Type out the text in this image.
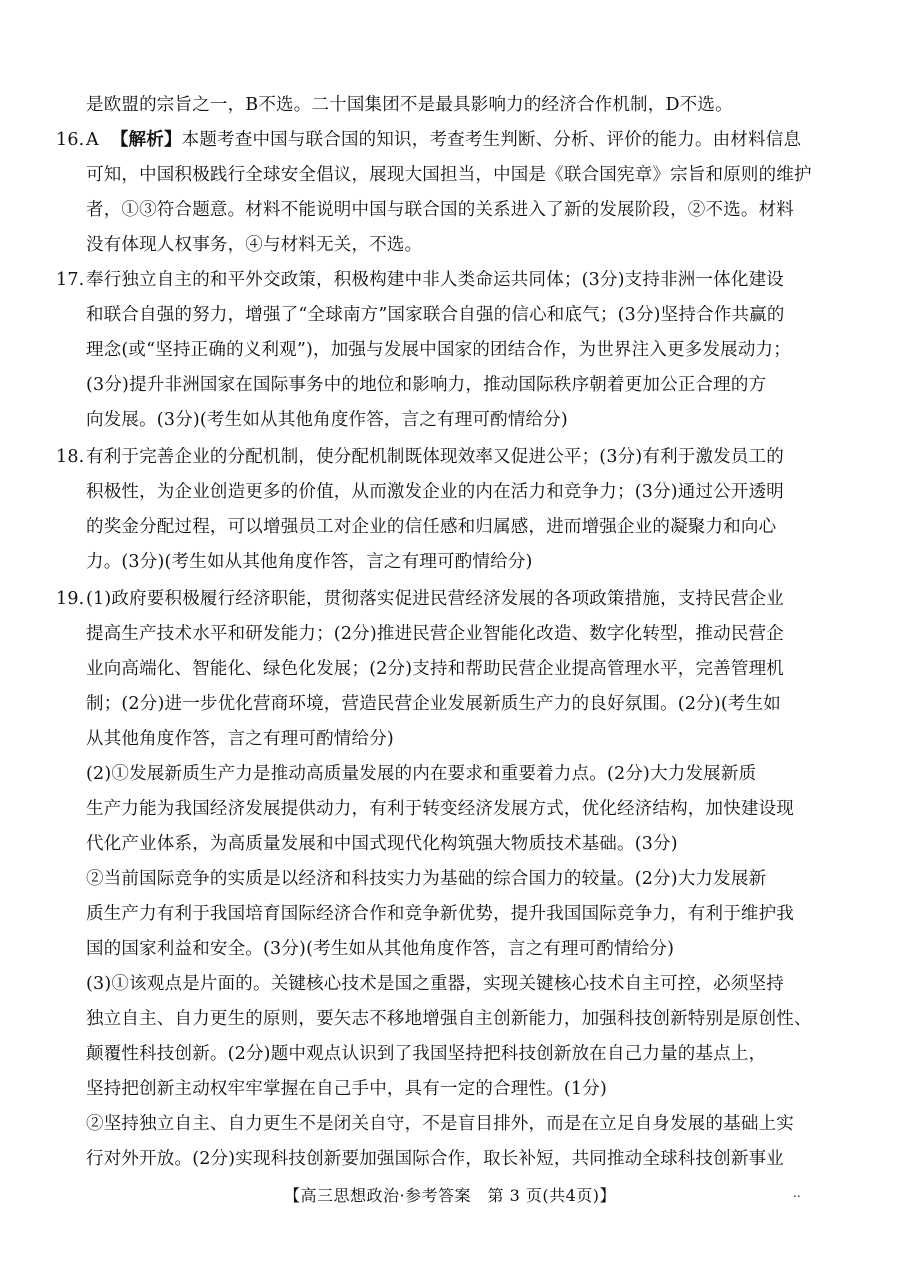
是欧盟的宗旨之一，B不选。二十国集团不是最具影响力的经济合作机制，D不选。
16.A 【解析】本题考查中国与联合国的知识，考查考生判断、分析、评价的能力。由材料信息
可知，中国积极践行全球安全倡议，展现大国担当，中国是《联合国宪章》宗旨和原则的维护
者，①③符合题意。材料不能说明中国与联合国的关系进入了新的发展阶段，②不选。材料
没有体现人权事务，④与材料无关，不选。
17.奉行独立自主的和平外交政策，积极构建中非人类命运共同体；(3分)支持非洲一体化建设
和联合自强的努力，增强了“全球南方”国家联合自强的信心和底气；(3分)坚持合作共赢的
理念(或“坚持正确的义利观”)，加强与发展中国家的团结合作，为世界注入更多发展动力；
(3分)提升非洲国家在国际事务中的地位和影响力，推动国际秩序朝着更加公正合理的方
向发展。(3分)(考生如从其他角度作答，言之有理可酌情给分)
18.有利于完善企业的分配机制，使分配机制既体现效率又促进公平；(3分)有利于激发员工的
积极性，为企业创造更多的价值，从而激发企业的内在活力和竞争力；(3分)通过公开透明
的奖金分配过程，可以增强员工对企业的信任感和归属感，进而增强企业的凝聚力和向心
力。(3分)(考生如从其他角度作答，言之有理可酌情给分)
19.(1)政府要积极履行经济职能，贯彻落实促进民营经济发展的各项政策措施，支持民营企业
提高生产技术水平和研发能力；(2分)推进民营企业智能化改造、数字化转型，推动民营企
业向高端化、智能化、绿色化发展；(2分)支持和帮助民营企业提高管理水平，完善管理机
制；(2分)进一步优化营商环境，营造民营企业发展新质生产力的良好氛围。(2分)(考生如
从其他角度作答，言之有理可酌情给分)
(2)①发展新质生产力是推动高质量发展的内在要求和重要着力点。(2分)大力发展新质
生产力能为我国经济发展提供动力，有利于转变经济发展方式，优化经济结构，加快建设现
代化产业体系，为高质量发展和中国式现代化构筑强大物质技术基础。(3分)
②当前国际竞争的实质是以经济和科技实力为基础的综合国力的较量。(2分)大力发展新
质生产力有利于我国培育国际经济合作和竞争新优势，提升我国国际竞争力，有利于维护我
国的国家利益和安全。(3分)(考生如从其他角度作答，言之有理可酌情给分)
(3)①该观点是片面的。关键核心技术是国之重器，实现关键核心技术自主可控，必须坚持
独立自主、自力更生的原则，要矢志不移地增强自主创新能力，加强科技创新特别是原创性、
颠覆性科技创新。(2分)题中观点认识到了我国坚持把科技创新放在自己力量的基点上，
坚持把创新主动权牢牢掌握在自己手中，具有一定的合理性。(1分)
②坚持独立自主、自力更生不是闭关自守，不是盲目排外，而是在立足自身发展的基础上实
行对外开放。(2分)实现科技创新要加强国际合作，取长补短，共同推动全球科技创新事业
【高三思想政治·参考答案　第 3 页(共4页)】	..
